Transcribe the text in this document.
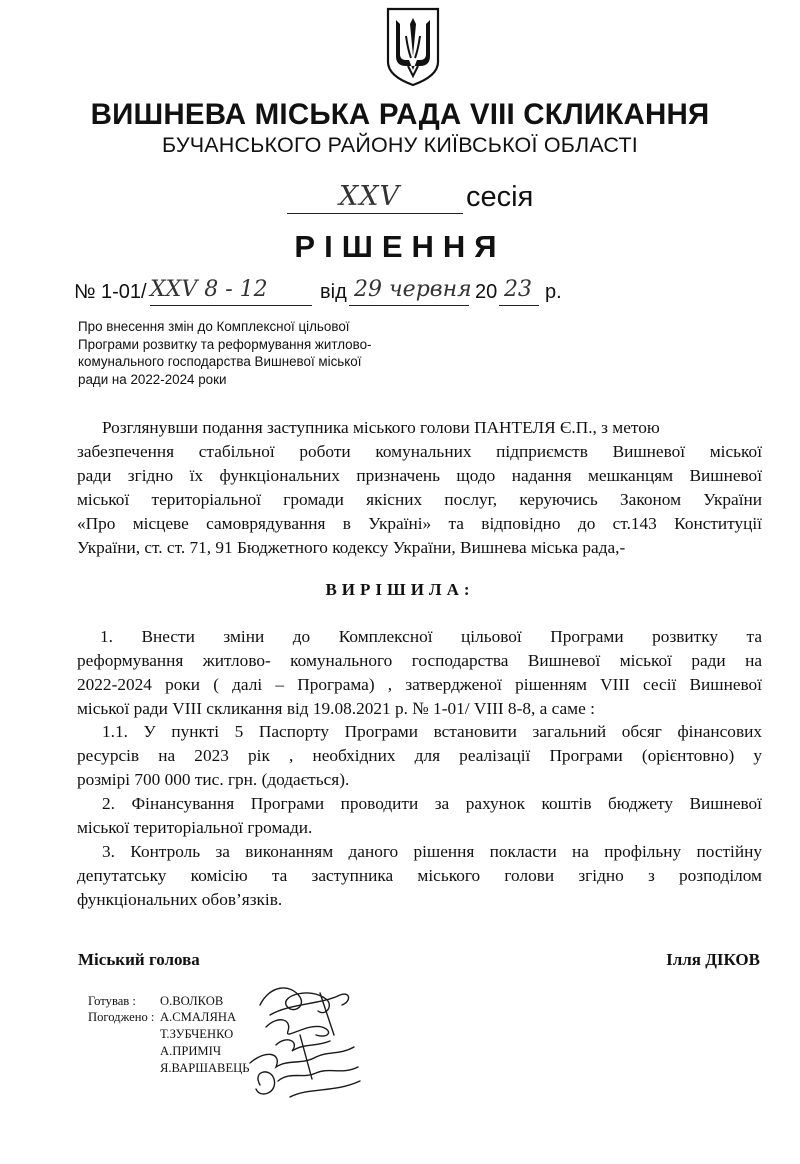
ВИШНЕВА МІСЬКА РАДА VIII СКЛИКАННЯ
БУЧАНСЬКОГО РАЙОНУ КИЇВСЬКОЇ ОБЛАСТІ
XXV сесія
РІШЕННЯ
№ 1-01/ XXV 8 - 12	від 29 червня 20 23 р.
Про внесення змін до Комплексної цільової
Програми розвитку та реформування житлово-
комунального господарства Вишневої міської
ради на 2022-2024 роки
Розглянувши подання заступника міського голови ПАНТЕЛЯ Є.П., з метою
забезпечення стабільної роботи комунальних підприємств Вишневої міської
ради згідно їх функціональних призначень щодо надання мешканцям Вишневої
міської територіальної громади якісних послуг, керуючись Законом України
«Про місцеве самоврядування в Україні» та відповідно до ст.143 Конституції
України, ст. ст. 71, 91 Бюджетного кодексу України, Вишнева міська рада,-
ВИРІШИЛА:
1. Внести зміни до Комплексної цільової Програми розвитку та
реформування житлово- комунального господарства Вишневої міської ради на
2022-2024 роки ( далі – Програма) , затвердженої рішенням VIII сесії Вишневої
міської ради VIII скликання від 19.08.2021 р. № 1-01/ VIII 8-8, а саме :
1.1. У пункті 5 Паспорту Програми встановити загальний обсяг фінансових
ресурсів на 2023 рік , необхідних для реалізації Програми (орієнтовно) у
розмірі 700 000 тис. грн. (додається).
2. Фінансування Програми проводити за рахунок коштів бюджету Вишневої
міської територіальної громади.
3. Контроль за виконанням даного рішення покласти на профільну постійну
депутатську комісію та заступника міського голови згідно з розподілом
функціональних обов’язків.
Міський голова	Ілля ДІКОВ
Готував : О.ВОЛКОВ
Погоджено : А.СМАЛЯНА
Т.ЗУБЧЕНКО
А.ПРИМІЧ
Я.ВАРШАВЕЦЬ
